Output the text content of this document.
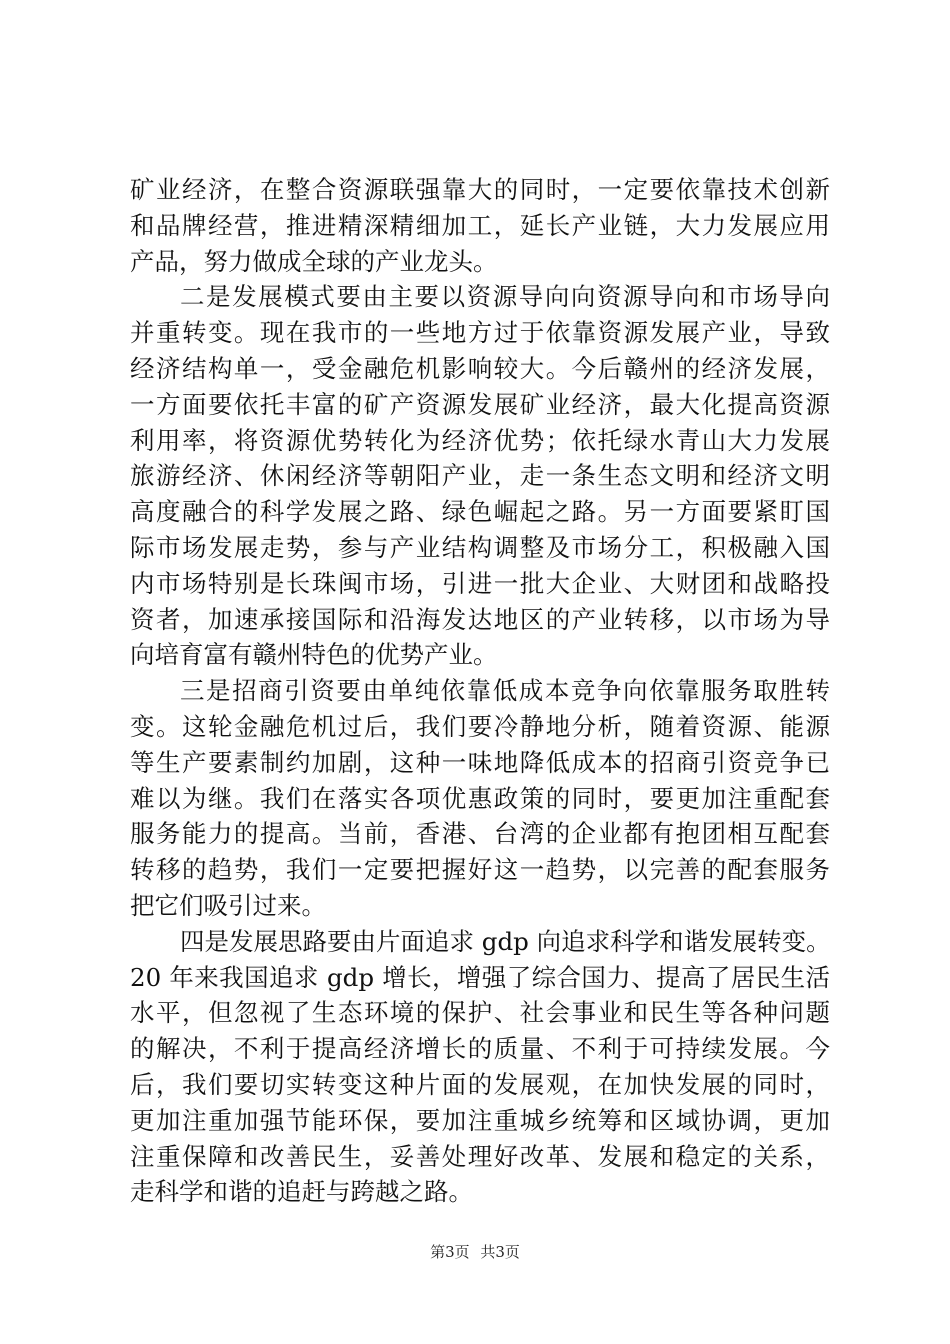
矿业经济，在整合资源联强靠大的同时，一定要依靠技术创新
和品牌经营，推进精深精细加工，延长产业链，大力发展应用
产品，努力做成全球的产业龙头。
二是发展模式要由主要以资源导向向资源导向和市场导向
并重转变。现在我市的一些地方过于依靠资源发展产业，导致
经济结构单一，受金融危机影响较大。今后赣州的经济发展，
一方面要依托丰富的矿产资源发展矿业经济，最大化提高资源
利用率，将资源优势转化为经济优势；依托绿水青山大力发展
旅游经济、休闲经济等朝阳产业，走一条生态文明和经济文明
高度融合的科学发展之路、绿色崛起之路。另一方面要紧盯国
际市场发展走势，参与产业结构调整及市场分工，积极融入国
内市场特别是长珠闽市场，引进一批大企业、大财团和战略投
资者，加速承接国际和沿海发达地区的产业转移，以市场为导
向培育富有赣州特色的优势产业。
三是招商引资要由单纯依靠低成本竞争向依靠服务取胜转
变。这轮金融危机过后，我们要冷静地分析，随着资源、能源
等生产要素制约加剧，这种一味地降低成本的招商引资竞争已
难以为继。我们在落实各项优惠政策的同时，要更加注重配套
服务能力的提高。当前，香港、台湾的企业都有抱团相互配套
转移的趋势，我们一定要把握好这一趋势，以完善的配套服务
把它们吸引过来。
四是发展思路要由片面追求 gdp 向追求科学和谐发展转变。
20 年来我国追求 gdp 增长，增强了综合国力、提高了居民生活
水平，但忽视了生态环境的保护、社会事业和民生等各种问题
的解决，不利于提高经济增长的质量、不利于可持续发展。今
后，我们要切实转变这种片面的发展观，在加快发展的同时，
更加注重加强节能环保，要加注重城乡统筹和区域协调，更加
注重保障和改善民生，妥善处理好改革、发展和稳定的关系，
走科学和谐的追赶与跨越之路。
第3页 共3页
